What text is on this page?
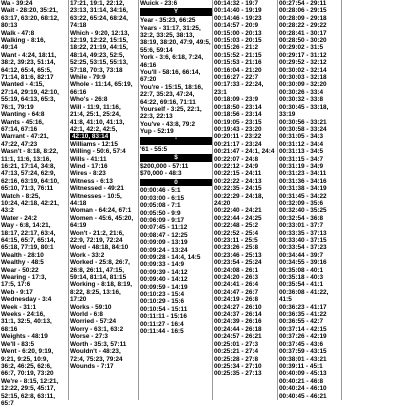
Wa - 39:24
Wait - 28:20, 35:21, 63:17, 63:20, 68:12, 80:13
Walk - 47:8
Walking - 8:16, 49:14
Want - 4:24, 18:11, 38:2, 39:23, 51:14, 64:12, 65:4, 65:5, 71:14, 81:6, 82:17
Wanted - 4:15, 27:14, 29:19, 42:10, 55:19, 64:13, 65:3, 76:1, 79:19
Wanting - 64:8
Wants - 45:16, 67:14, 67:16
Warrant - 47:21, 47:22, 47:23
Wasn't - 8:18, 8:22, 11:1, 11:6, 13:16, 16:21, 17:14, 34:8, 47:13, 57:24, 62:9, 62:16, 63:19, 64:10, 65:10, 71:3, 76:11
Watch - 8:25, 10:24, 42:18, 42:21, 43:2
Water - 24:2
Way - 6:8, 14:21, 18:17, 22:17, 63:4, 64:15, 65:7, 65:14, 65:18, 77:19, 80:1
Wealth - 28:10
Wealthy - 48:5
Wear - 50:22
Wearing - 17:3, 17:5, 17:6
Web - 9:17
Wednesday - 3:4
Week - 31:1
Weeks - 24:16, 31:1, 32:5, 40:13, 68:16
Weights - 48:19
We'll - 83:5
Went - 6:20, 9:19, 9:21, 9:25, 10:9, 36:2, 46:25, 62:6, 66:7, 70:19, 73:20
We're - 8:15, 12:21, 12:22, 29:5, 45:17, 52:15, 62:8, 63:11, 65:7
17:21, 19:1, 22:12, 23:13, 31:14, 34:16, 63:22, 65:24, 68:24, 74:18
Which - 9:20, 12:13, 12:19, 12:22, 15:15, 18:22, 21:19, 44:15, 48:14, 49:23, 52:5, 52:25, 53:15, 55:13, 57:18, 70:3, 73:18
While - 79:9
Whole - 11:14, 65:19, 66:16
Who's - 26:8
Will - 11:9, 11:16, 21:4, 25:1, 25:24, 41:8, 41:10, 41:13, 42:1, 42:2, 42:5, 42:10, 83:14
Williams - 12:15
Willing - 50:6, 57:4
Wills - 41:11
Wind - 17:16
Wires - 8:23
Witness - 6:13
Witnessed - 49:21
Witnesses - 10:5, 44:18
Woman - 64:24, 67:1
Women - 45:6, 45:20, 64:19
Won't - 21:2, 21:6, 22:9, 72:19, 72:24
Word - 48:18, 84:10
Work - 33:2
Worked - 25:8, 26:7, 26:8, 26:11, 47:15, 59:14, 81:14, 81:15
Working - 8:18, 8:19, 8:22, 8:25, 13:16, 17:20
Works - 59:10
World - 6:8
Worried - 57:24
Worry - 63:1, 63:2
Worse - 27:3
Worth - 35:3, 57:11
Wouldn't - 48:23, 72:4, 75:23, 79:24
Wounds - 7:17
Wuick - 23:6
Y
Year - 35:23, 66:25
Years - 31:17, 31:25, 32:2, 33:25, 38:13, 38:19, 38:20, 47:9, 49:5, 55:6, 59:14
York - 3:6, 6:18, 7:24, 46:16
You'll - 58:16, 66:14, 67:20
You're - 15:15, 18:16, 22:7, 35:23, 47:24, 64:22, 69:16, 71:11
Yourself - 3:25, 22:1, 22:3, 22:13
You've - 43:8, 79:2
Yup - 52:19
'
'61 - 55:5
$
$200,000 - 57:11
$70,000 - 48:3
0
00:00:46 - 5:1
00:03:00 - 6:15
00:05:08 - 7:1
00:05:50 - 9:9
00:06:09 - 9:17
00:07:45 - 11:12
00:08:47 - 12:25
00:09:09 - 13:19
00:09:24 - 13:24
00:09:28 - 14:4, 14:5
00:09:33 - 14:9
00:09:39 - 14:12
00:09:40 - 14:12
00:09:59 - 14:19
00:10:23 - 15:4
00:10:29 - 15:6
00:10:54 - 15:11
00:11:11 - 15:16
00:11:27 - 16:4
00:11:44 - 16:5
00:14:32 - 19:7
00:14:40 - 19:19
00:14:46 - 19:23
00:14:57 - 20:9
00:15:00 - 20:13
00:15:03 - 20:15
00:15:26 - 21:2
00:15:52 - 21:15
00:15:53 - 21:16
00:16:04 - 21:20
00:16:27 - 22:7
00:17:33 - 22:24, 23:1
00:18:09 - 23:9
00:18:50 - 23:14
00:18:56 - 23:14
00:19:05 - 23:15
00:19:43 - 23:20
00:20:11 - 23:22
00:21:17 - 23:24
00:21:47 - 24:1, 24:4
00:22:07 - 24:8
00:22:12 - 24:9
00:22:15 - 24:11
00:22:22 - 24:13
00:22:35 - 24:15
00:22:29 - 24:18, 24:20
00:22:40 - 24:21
00:22:44 - 24:25
00:22:48 - 25:2
00:22:52 - 25:4
00:23:11 - 25:5
00:23:26 - 25:8
00:23:46 - 25:13
00:23:54 - 25:24
00:24:08 - 26:1
00:24:20 - 26:3
00:24:41 - 26:4
00:24:47 - 26:7
00:24:19 - 26:8
00:24:27 - 26:10
00:24:37 - 26:14
00:24:39 - 26:16
00:24:44 - 26:18
00:24:57 - 26:21
00:25:01 - 27:3
00:25:21 - 27:4
00:25:28 - 27:8
00:25:34 - 27:10
00:25:35 - 27:13
00:27:54 - 29:11
00:28:06 - 29:15
00:28:09 - 29:18
00:28:22 - 29:22
00:28:41 - 30:17
00:28:50 - 30:20
00:29:02 - 31:5
00:29:17 - 31:12
00:29:52 - 32:12
00:30:02 - 32:14
00:30:03 - 32:18
00:30:09 - 32:20
00:30:26 - 33:4
00:30:32 - 33:8
00:30:45 - 33:18, 33:19
00:30:56 - 33:21
00:30:58 - 33:24
00:31:05 - 34:3
00:31:12 - 34:4
00:31:13 - 34:5
00:31:15 - 34:7
00:31:19 - 34:9
00:31:23 - 34:11
00:31:36 - 34:16
00:31:38 - 34:19
00:31:45 - 34:22
00:32:09 - 35:6
00:32:40 - 35:25
00:32:54 - 36:8
00:33:01 - 37:7
00:33:35 - 37:13
00:33:40 - 37:15
00:33:54 - 37:23
00:34:44 - 39:7
00:34:55 - 39:16
00:35:08 - 40:1
00:35:18 - 40:3
00:35:54 - 41:1
00:36:08 - 41:22, 41:5
00:36:23 - 41:17
00:36:35 - 41:22
00:36:55 - 42:7
00:37:14 - 42:15
00:37:26 - 42:19
00:37:45 - 43:6
00:37:59 - 43:15
00:38:01 - 43:21
00:39:11 - 45:1
00:40:09 - 45:13
00:40:21 - 46:8
00:40:24 - 46:10
00:40:45 - 46:21
